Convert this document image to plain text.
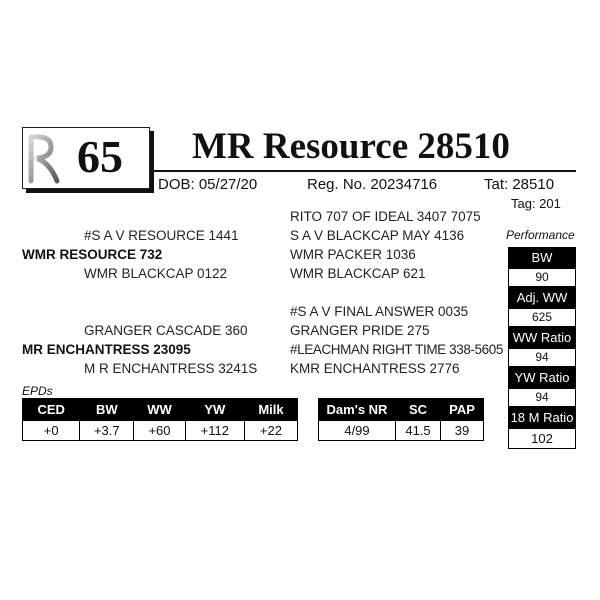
65 MR Resource 28510
DOB: 05/27/20	Reg. No. 20234716	Tat: 28510
Tag: 201
RITO 707 OF IDEAL 3407 7075
#S A V RESOURCE 1441	S A V BLACKCAP MAY 4136
WMR RESOURCE 732	WMR PACKER 1036
WMR BLACKCAP 0122	WMR BLACKCAP 621
#S A V FINAL ANSWER 0035
GRANGER CASCADE 360	GRANGER PRIDE 275
MR ENCHANTRESS 23095	#LEACHMAN RIGHT TIME 338-5605
M R ENCHANTRESS 3241S KMR ENCHANTRESS 2776
EPDs
CED	BW	WW	YW	Milk
+0	+3.7	+60	+112	+22
Dam's NR	SC	PAP
4/99	41.5	39
Performance
BW
90
Adj. WW
625
WW Ratio
94
YW Ratio
94
18 M Ratio
102
